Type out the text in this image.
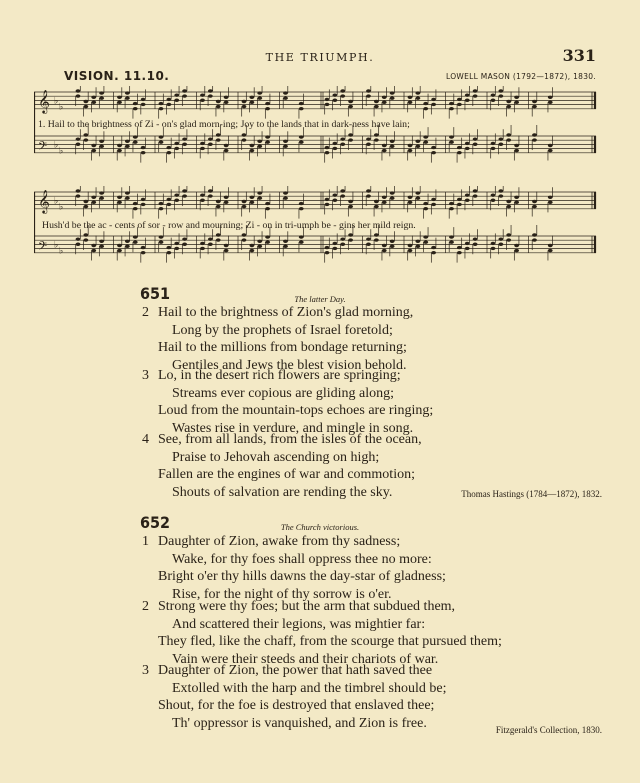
THE TRIUMPH.	331
VISION. 11.10.	LOWELL MASON (1792—1872), 1830.
𝄞 ♭
♭
𝄢 ♭
♭
1. Hail to the brightness of Zi - on's glad morn-ing; Joy to the lands that in dark-ness have lain;
𝄞 ♭
♭
𝄢 ♭
♭
Hush'd be the ac - cents of sor - row and mourning; Zi - on in tri-umph be - gins her mild reign.
651	The latter Day.
2 Hail to the brightness of Zion's glad morning,
Long by the prophets of Israel foretold;
Hail to the millions from bondage returning;
Gentiles and Jews the blest vision behold.
3 Lo, in the desert rich flowers are springing;
Streams ever copious are gliding along;
Loud from the mountain-tops echoes are ringing;
Wastes rise in verdure, and mingle in song.
4 See, from all lands, from the isles of the ocean,
Praise to Jehovah ascending on high;
Fallen are the engines of war and commotion;
Shouts of salvation are rending the sky.	Thomas Hastings (1784—1872), 1832.
652	The Church victorious.
1 Daughter of Zion, awake from thy sadness;
Wake, for thy foes shall oppress thee no more:
Bright o'er thy hills dawns the day-star of gladness;
Rise, for the night of thy sorrow is o'er.
2 Strong were thy foes; but the arm that subdued them,
And scattered their legions, was mightier far:
They fled, like the chaff, from the scourge that pursued them;
Vain were their steeds and their chariots of war.
3 Daughter of Zion, the power that hath saved thee
Extolled with the harp and the timbrel should be;
Shout, for the foe is destroyed that enslaved thee;
Th' oppressor is vanquished, and Zion is free.	Fitzgerald's Collection, 1830.
